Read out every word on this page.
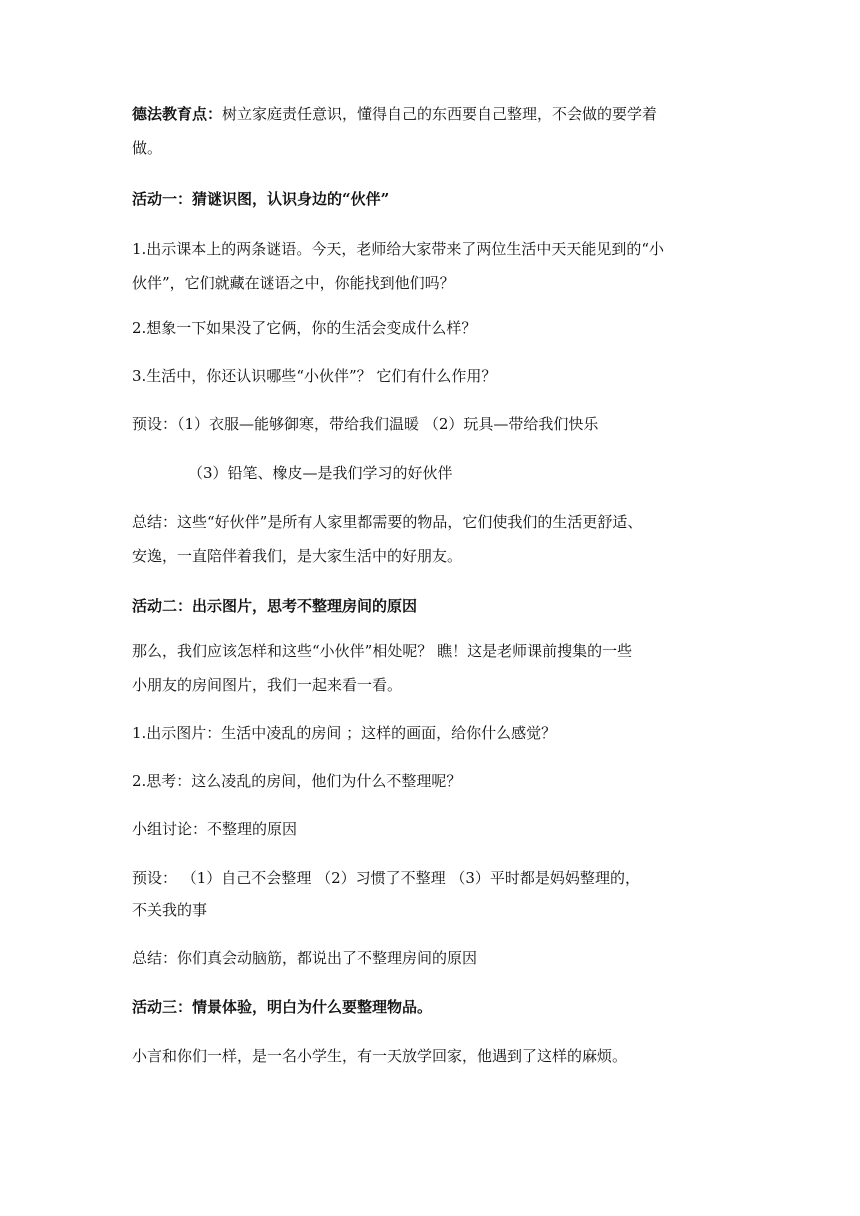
德法教育点：树立家庭责任意识，懂得自己的东西要自己整理，不会做的要学着
做。
活动一：猜谜识图，认识身边的“伙伴”
1.出示课本上的两条谜语。今天，老师给大家带来了两位生活中天天能见到的“小
伙伴”，它们就藏在谜语之中，你能找到他们吗？
2.想象一下如果没了它俩，你的生活会变成什么样？
3.生活中，你还认识哪些“小伙伴”？ 它们有什么作用？
预设：（1）衣服—能够御寒，带给我们温暖 （2）玩具—带给我们快乐
（3）铅笔、橡皮—是我们学习的好伙伴
总结：这些“好伙伴”是所有人家里都需要的物品，它们使我们的生活更舒适、
安逸，一直陪伴着我们，是大家生活中的好朋友。
活动二：出示图片，思考不整理房间的原因
那么，我们应该怎样和这些“小伙伴”相处呢？ 瞧！这是老师课前搜集的一些
小朋友的房间图片，我们一起来看一看。
1.出示图片：生活中凌乱的房间 ；这样的画面，给你什么感觉？
2.思考：这么凌乱的房间，他们为什么不整理呢？
小组讨论：不整理的原因
预设： （1）自己不会整理 （2）习惯了不整理 （3）平时都是妈妈整理的，
不关我的事
总结：你们真会动脑筋，都说出了不整理房间的原因
活动三：情景体验，明白为什么要整理物品。
小言和你们一样，是一名小学生，有一天放学回家，他遇到了这样的麻烦。
